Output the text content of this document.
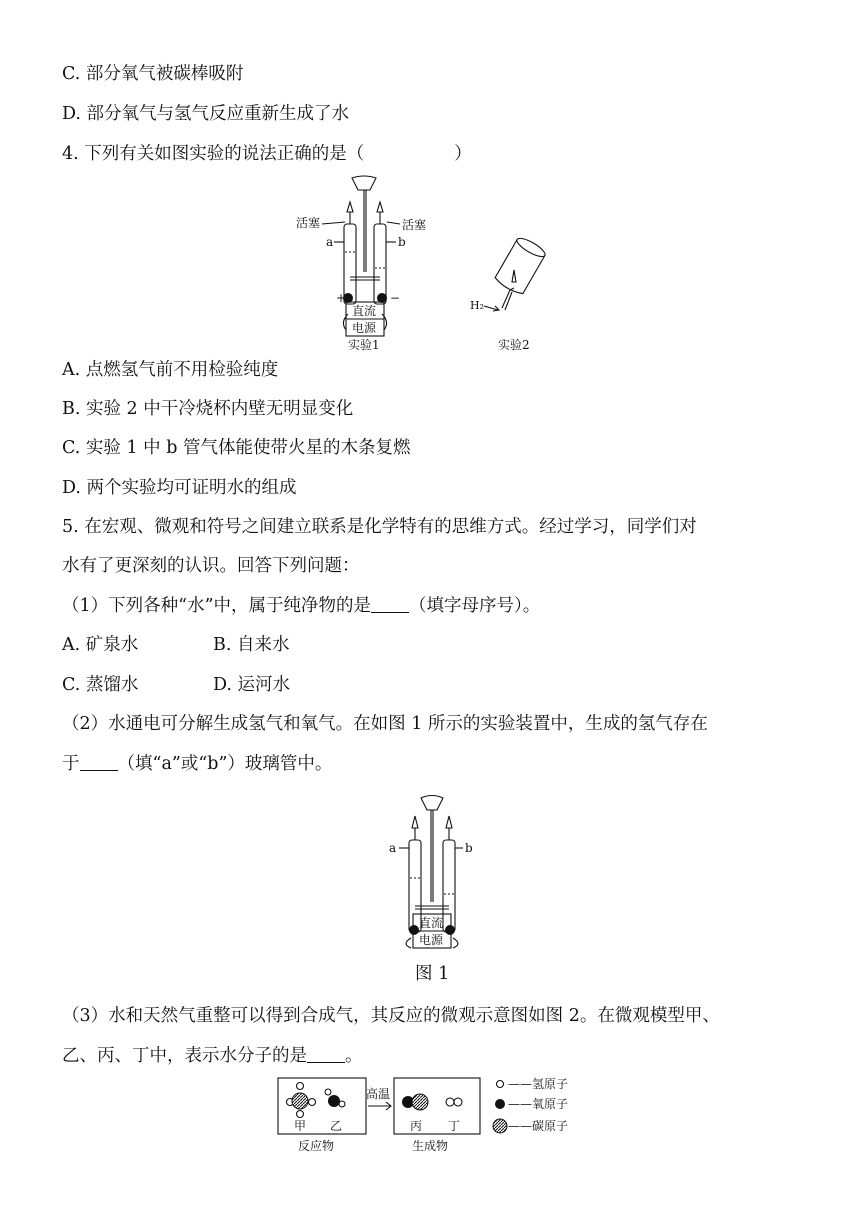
C. 部分氧气被碳棒吸附
D. 部分氧气与氢气反应重新生成了水
4. 下列有关如图实验的说法正确的是（	）
活塞	活塞
a	b
+	−
直流
电源
实验1	实验2
H₂
A. 点燃氢气前不用检验纯度
B. 实验 2 中干冷烧杯内壁无明显变化
C. 实验 1 中 b 管气体能使带火星的木条复燃
D. 两个实验均可证明水的组成
5. 在宏观、微观和符号之间建立联系是化学特有的思维方式。经过学习，同学们对
水有了更深刻的认识。回答下列问题：
（1）下列各种“水”中，属于纯净物的是 （填字母序号）。
A. 矿泉水	B. 自来水
C. 蒸馏水	D. 运河水
（2）水通电可分解生成氢气和氧气。在如图 1 所示的实验装置中，生成的氢气存在
于 （填“a”或“b”）玻璃管中。
a	b
直流
电源
图 1
（3）水和天然气重整可以得到合成气，其反应的微观示意图如图 2。在微观模型甲、
乙、丙、丁中，表示水分子的是 。
高温
甲 乙	丙 丁
反应物	生成物
——氢原子
——氧原子
——碳原子
